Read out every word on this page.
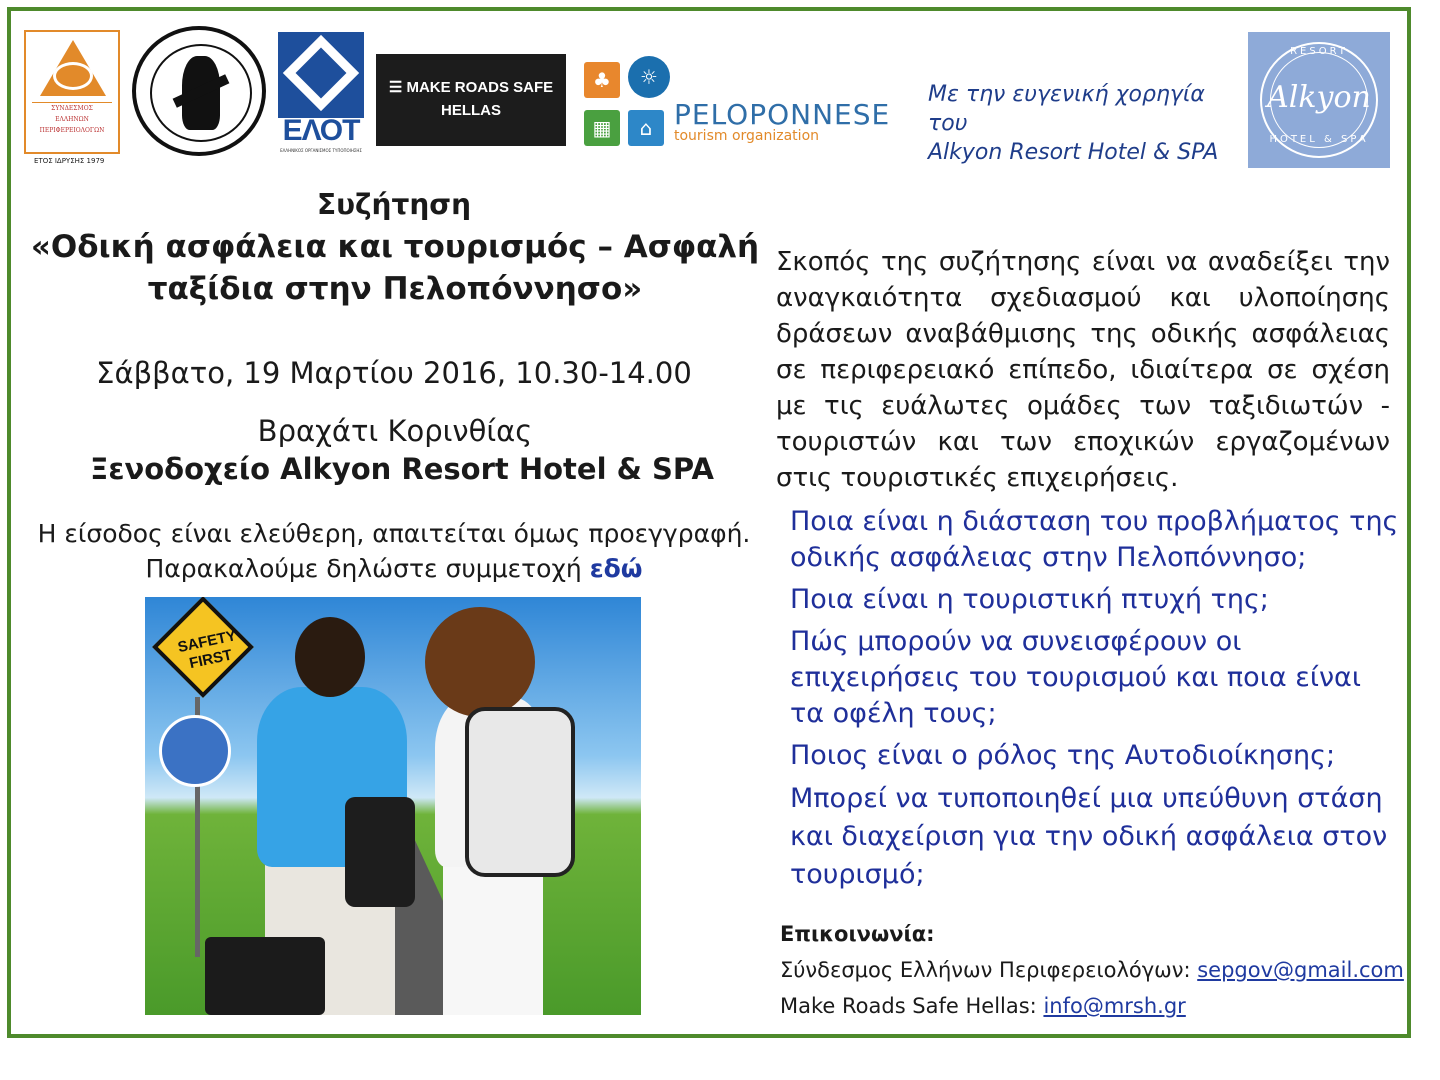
ΣΥΝΔΕΣΜΟΣ
ΕΛΛΗΝΩΝ
ΠΕΡΙΦΕΡΕΙΟΛΟΓΩΝ
ΕΤΟΣ ΙΔΡΥΣΗΣ 1979
ΕΛΟΤ
ΕΛΛΗΝΙΚΟΣ ΟΡΓΑΝΙΣΜΟΣ ΤΥΠΟΠΟΙΗΣΗΣ
☰ MAKE ROADS SAFE
HELLAS
♣	☼
▦	⌂ PELOPONNESE
tourism organization
Με την ευγενική χορηγία του
Alkyon Resort Hotel & SPA
RESORT
Alkyon
HOTEL & SPA
Συζήτηση
«Οδική ασφάλεια και τουρισμός – Ασφαλή ταξίδια στην Πελοπόννησο»
Σάββατο, 19 Μαρτίου 2016, 10.30-14.00
Βραχάτι Κορινθίας
Ξενοδοχείο Alkyon Resort Hotel & SPA
Η είσοδος είναι ελεύθερη, απαιτείται όμως προεγγραφή.
Παρακαλούμε δηλώστε συμμετοχή εδώ
SAFETY FIRST
Σκοπός της συζήτησης είναι να αναδείξει την αναγκαιότητα σχεδιασμού και υλοποίησης δράσεων αναβάθμισης της οδικής ασφάλειας σε περιφερειακό επίπεδο, ιδιαίτερα σε σχέση με τις ευάλωτες ομάδες των ταξιδιωτών - τουριστών και των εποχικών εργαζομένων στις τουριστικές επιχειρήσεις.
Ποια είναι η διάσταση του προβλήματος της οδικής ασφάλειας στην Πελοπόννησο;
Ποια είναι η τουριστική πτυχή της;
Πώς μπορούν να συνεισφέρουν οι επιχειρήσεις του τουρισμού και ποια είναι τα οφέλη τους;
Ποιος είναι ο ρόλος της Αυτοδιοίκησης;
Μπορεί να τυποποιηθεί μια υπεύθυνη στάση και διαχείριση για την οδική ασφάλεια στον τουρισμό;
Επικοινωνία:
Σύνδεσμος Ελλήνων Περιφερειολόγων: sepgov@gmail.com
Make Roads Safe Hellas: info@mrsh.gr
